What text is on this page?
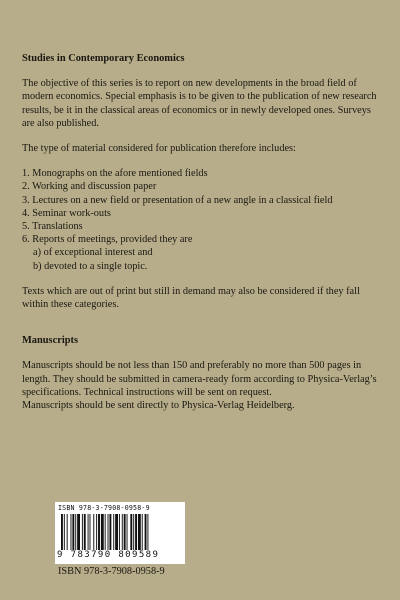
Studies in Contemporary Economics

The objective of this series is to report on new developments in the broad field of modern economics. Special emphasis is to be given to the publication of new research results, be it in the classical areas of economics or in newly developed ones. Surveys are also published.

The type of material considered for publication therefore includes:

1. Monographs on the afore mentioned fields
2. Working and discussion paper
3. Lectures on a new field or presentation of a new angle in a classical field
4. Seminar work-outs
5. Translations
6. Reports of meetings, provided they are
a) of exceptional interest and
b) devoted to a single topic.

Texts which are out of print but still in demand may also be considered if they fall within these categories.

Manuscripts

Manuscripts should be not less than 150 and preferably no more than 500 pages in length. They should be submitted in camera-ready form according to Physica-Verlag’s specifications. Technical instructions will be sent on request.

Manuscripts should be sent directly to Physica-Verlag Heidelberg.

ISBN 978-3-7908-0958-9
9 783790 809589
ISBN 978-3-7908-0958-9
